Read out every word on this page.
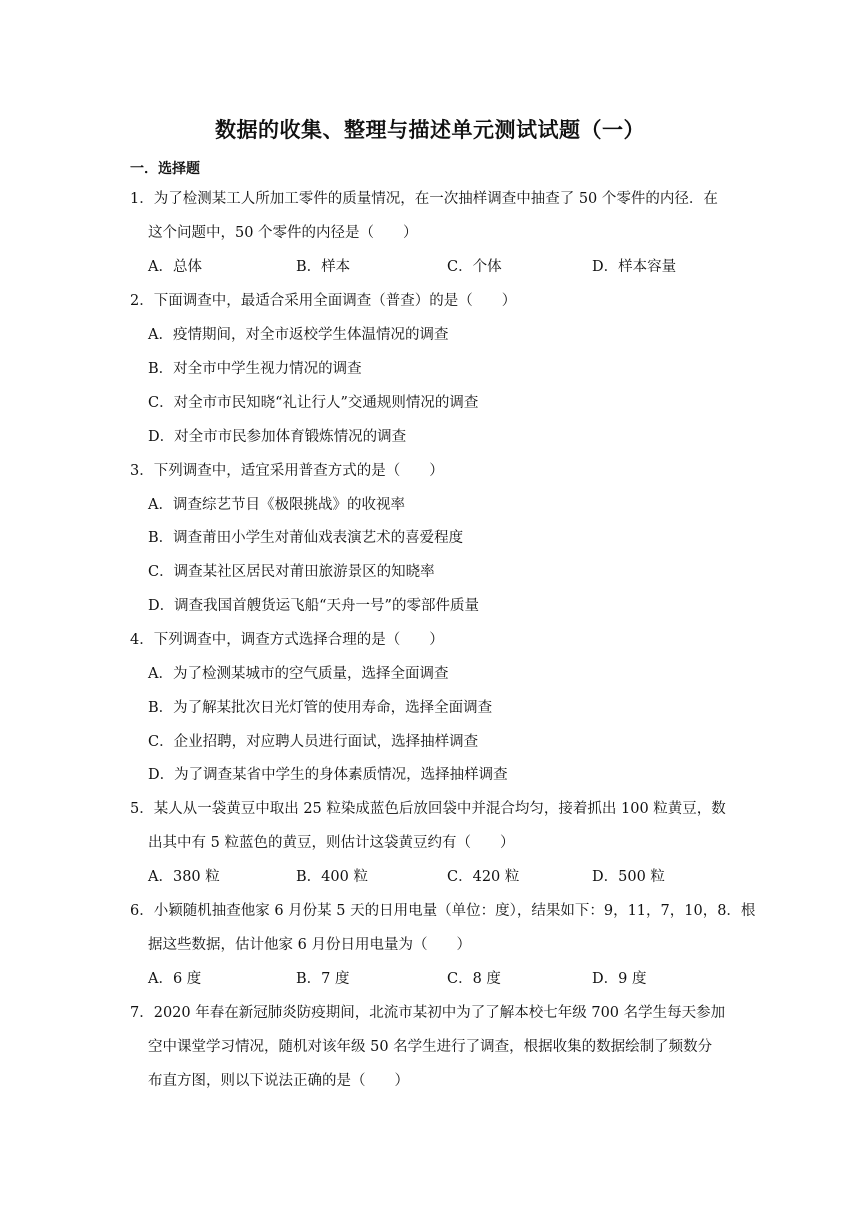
数据的收集、整理与描述单元测试试题（一）
一．选择题
1．为了检测某工人所加工零件的质量情况，在一次抽样调查中抽查了 50 个零件的内径．在
这个问题中，50 个零件的内径是（　　）
A．总体	B．样本	C．个体	D．样本容量
2．下面调查中，最适合采用全面调查（普查）的是（　　）
A．疫情期间，对全市返校学生体温情况的调查
B．对全市中学生视力情况的调查
C．对全市市民知晓“礼让行人”交通规则情况的调查
D．对全市市民参加体育锻炼情况的调查
3．下列调查中，适宜采用普查方式的是（　　）
A．调查综艺节目《极限挑战》的收视率
B．调查莆田小学生对莆仙戏表演艺术的喜爱程度
C．调查某社区居民对莆田旅游景区的知晓率
D．调查我国首艘货运飞船“天舟一号”的零部件质量
4．下列调查中，调查方式选择合理的是（　　）
A．为了检测某城市的空气质量，选择全面调查
B．为了解某批次日光灯管的使用寿命，选择全面调查
C．企业招聘，对应聘人员进行面试，选择抽样调查
D．为了调查某省中学生的身体素质情况，选择抽样调查
5．某人从一袋黄豆中取出 25 粒染成蓝色后放回袋中并混合均匀，接着抓出 100 粒黄豆，数
出其中有 5 粒蓝色的黄豆，则估计这袋黄豆约有（　　）
A．380 粒	B．400 粒	C．420 粒	D．500 粒
6．小颖随机抽查他家 6 月份某 5 天的日用电量（单位：度），结果如下：9，11，7，10，8．根
据这些数据，估计他家 6 月份日用电量为（　　）
A．6 度	B．7 度	C．8 度	D．9 度
7．2020 年春在新冠肺炎防疫期间，北流市某初中为了了解本校七年级 700 名学生每天参加
空中课堂学习情况，随机对该年级 50 名学生进行了调查，根据收集的数据绘制了频数分
布直方图，则以下说法正确的是（　　）
